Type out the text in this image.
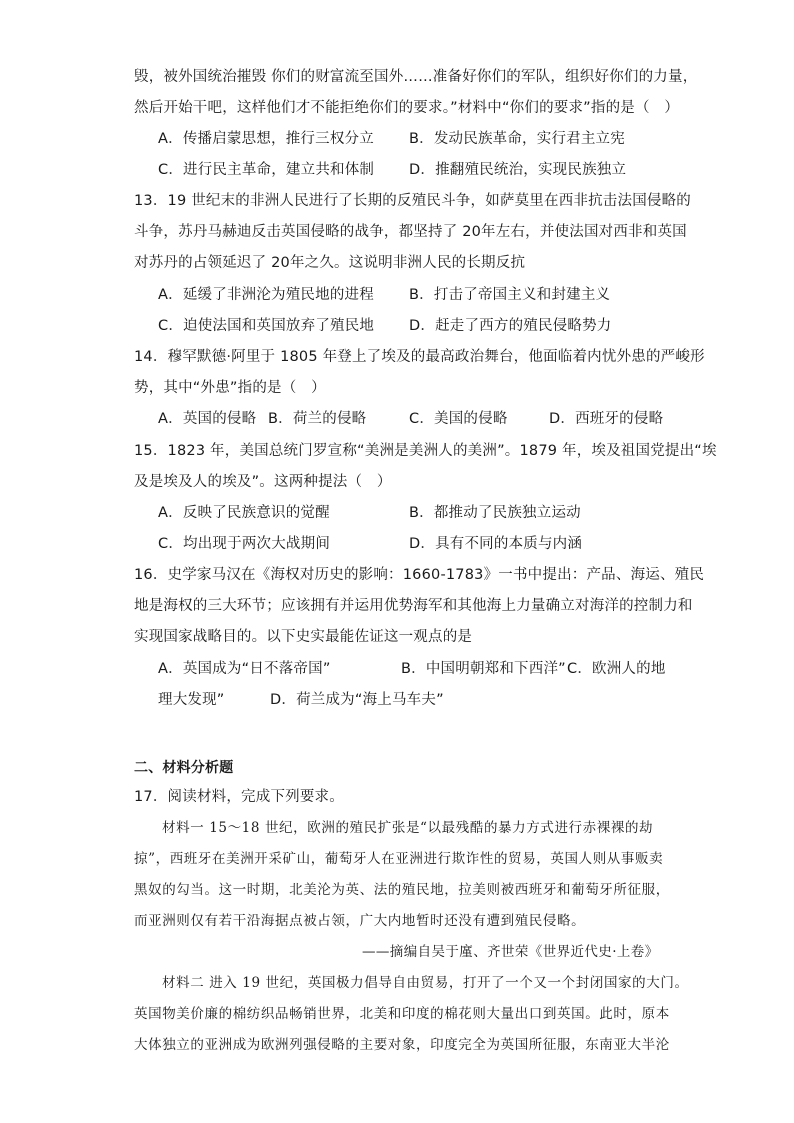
毁，被外国统治摧毁 你们的财富流至国外……准备好你们的军队，组织好你们的力量，
然后开始干吧，这样他们才不能拒绝你们的要求。”材料中“你们的要求”指的是（　）
A．传播启蒙思想，推行三权分立 B．发动民族革命，实行君主立宪
C．进行民主革命，建立共和体制 D．推翻殖民统治，实现民族独立
13．19 世纪末的非洲人民进行了长期的反殖民斗争，如萨莫里在西非抗击法国侵略的
斗争，苏丹马赫迪反击英国侵略的战争，都坚持了 20年左右，并使法国对西非和英国
对苏丹的占领延迟了 20年之久。这说明非洲人民的长期反抗
A．延缓了非洲沦为殖民地的进程 B．打击了帝国主义和封建主义
C．迫使法国和英国放弃了殖民地 D．赶走了西方的殖民侵略势力
14．穆罕默德·阿里于 1805 年登上了埃及的最高政治舞台，他面临着内忧外患的严峻形
势，其中“外患”指的是（　）
A．英国的侵略 B．荷兰的侵略	C．美国的侵略	D．西班牙的侵略
15．1823 年，美国总统门罗宣称“美洲是美洲人的美洲”。1879 年，埃及祖国党提出“埃
及是埃及人的埃及”。这两种提法（　）
A．反映了民族意识的觉醒	B．都推动了民族独立运动
C．均出现于两次大战期间	D．具有不同的本质与内涵
16．史学家马汉在《海权对历史的影响：1660-1783》一书中提出：产品、海运、殖民
地是海权的三大环节；应该拥有并运用优势海军和其他海上力量确立对海洋的控制力和
实现国家战略目的。以下史实最能佐证这一观点的是
A．英国成为“日不落帝国”	B．中国明朝郑和下西洋” C．欧洲人的地
理大发现”	D．荷兰成为“海上马车夫”
二、材料分析题
17．阅读材料，完成下列要求。
材料一 15～18 世纪，欧洲的殖民扩张是“以最残酷的暴力方式进行赤裸裸的劫
掠”，西班牙在美洲开采矿山，葡萄牙人在亚洲进行欺诈性的贸易，英国人则从事贩卖
黑奴的勾当。这一时期，北美沦为英、法的殖民地，拉美则被西班牙和葡萄牙所征服，
而亚洲则仅有若干沿海据点被占领，广大内地暂时还没有遭到殖民侵略。
——摘编自吴于廑、齐世荣《世界近代史·上卷》
材料二 进入 19 世纪，英国极力倡导自由贸易，打开了一个又一个封闭国家的大门。
英国物美价廉的棉纺织品畅销世界，北美和印度的棉花则大量出口到英国。此时，原本
大体独立的亚洲成为欧洲列强侵略的主要对象，印度完全为英国所征服，东南亚大半沦
